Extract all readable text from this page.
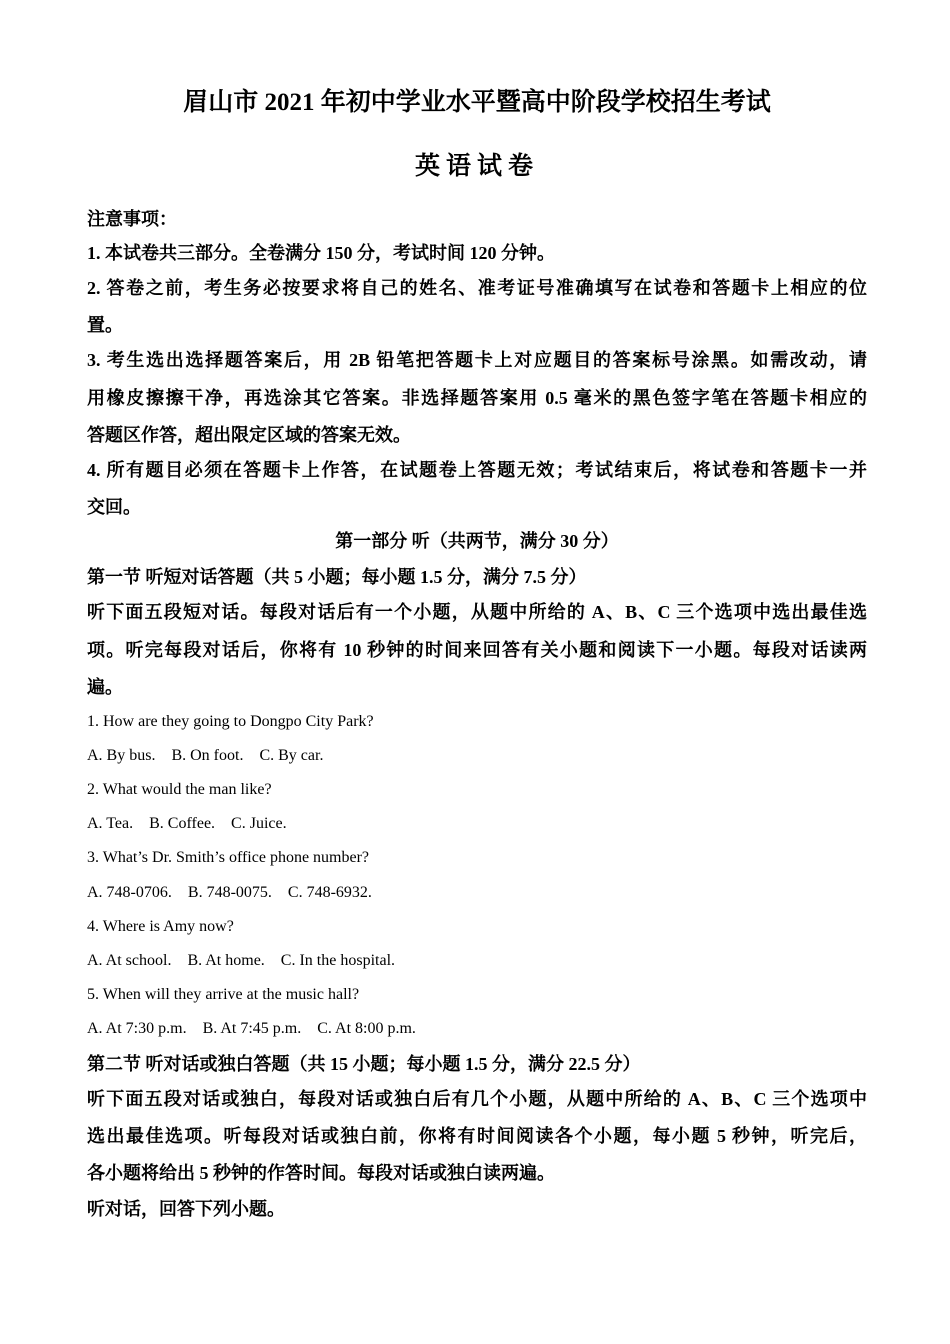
眉山市 2021 年初中学业水平暨高中阶段学校招生考试
英语试卷
注意事项：
1. 本试卷共三部分。全卷满分 150 分，考试时间 120 分钟。
2. 答卷之前，考生务必按要求将自己的姓名、准考证号准确填写在试卷和答题卡上相应的位
置。
3. 考生选出选择题答案后，用 2B 铅笔把答题卡上对应题目的答案标号涂黑。如需改动，请
用橡皮擦擦干净，再选涂其它答案。非选择题答案用 0.5 毫米的黑色签字笔在答题卡相应的
答题区作答，超出限定区域的答案无效。
4. 所有题目必须在答题卡上作答，在试题卷上答题无效；考试结束后，将试卷和答题卡一并
交回。
第一部分 听（共两节，满分 30 分）
第一节 听短对话答题（共 5 小题；每小题 1.5 分，满分 7.5 分）
听下面五段短对话。每段对话后有一个小题，从题中所给的 A、B、C 三个选项中选出最佳选
项。听完每段对话后，你将有 10 秒钟的时间来回答有关小题和阅读下一小题。每段对话读两
遍。
1. How are they going to Dongpo City Park?
A. By bus. B. On foot. C. By car.
2. What would the man like?
A. Tea. B. Coffee. C. Juice.
3. What’s Dr. Smith’s office phone number?
A. 748-0706. B. 748-0075. C. 748-6932.
4. Where is Amy now?
A. At school. B. At home. C. In the hospital.
5. When will they arrive at the music hall?
A. At 7:30 p.m. B. At 7:45 p.m. C. At 8:00 p.m.
第二节 听对话或独白答题（共 15 小题；每小题 1.5 分，满分 22.5 分）
听下面五段对话或独白，每段对话或独白后有几个小题，从题中所给的 A、B、C 三个选项中
选出最佳选项。听每段对话或独白前，你将有时间阅读各个小题，每小题 5 秒钟，听完后，
各小题将给出 5 秒钟的作答时间。每段对话或独白读两遍。
听对话，回答下列小题。
